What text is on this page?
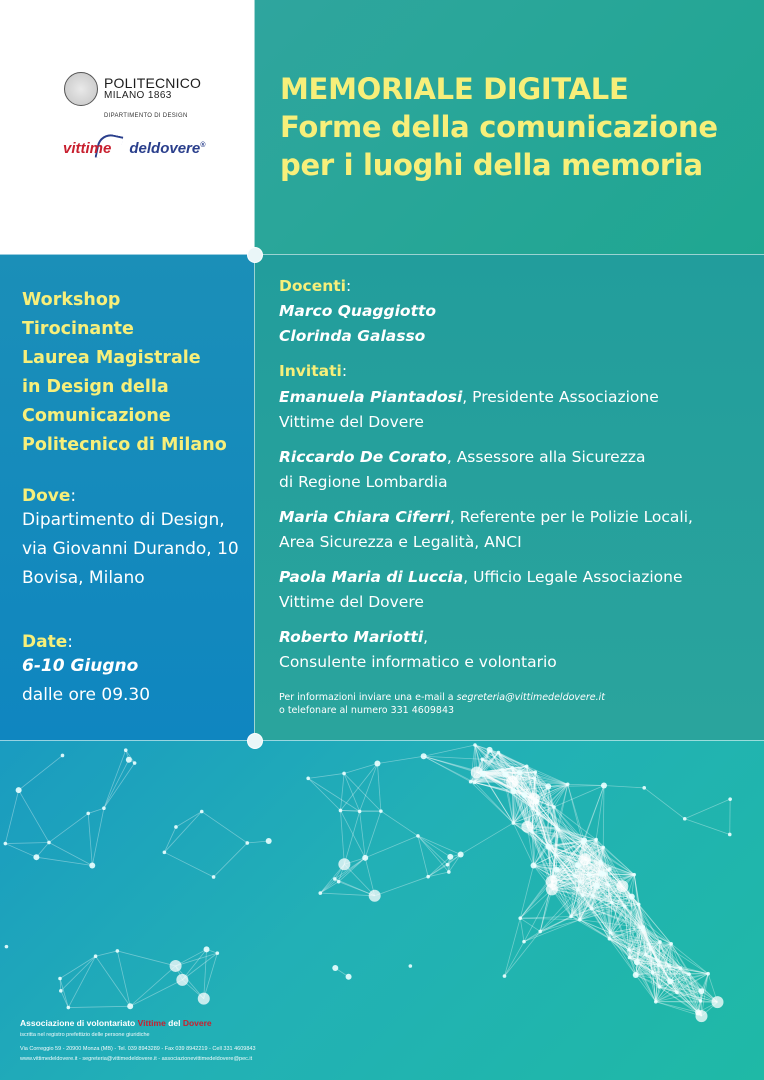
POLITECNICO
MILANO 1863
DIPARTIMENTO DI DESIGN
vittime deldovere®
MEMORIALE DIGITALE
Forme della comunicazione
per i luoghi della memoria
Workshop
Tirocinante
Laurea Magistrale
in Design della
Comunicazione
Politecnico di Milano
Dove:
Dipartimento di Design,
via Giovanni Durando, 10
Bovisa, Milano
Date:
6-10 Giugno
dalle ore 09.30
Docenti:
Marco Quaggiotto
Clorinda Galasso
Invitati:
Emanuela Piantadosi, Presidente Associazione
Vittime del Dovere
Riccardo De Corato, Assessore alla Sicurezza
di Regione Lombardia
Maria Chiara Ciferri, Referente per le Polizie Locali,
Area Sicurezza e Legalità, ANCI
Paola Maria di Luccia, Ufficio Legale Associazione
Vittime del Dovere
Roberto Mariotti,
Consulente informatico e volontario
Per informazioni inviare una e-mail a segreteria@vittimedeldovere.it
o telefonare al numero 331 4609843
Associazione di volontariato Vittime del Dovere
iscritta nel registro prefettizio delle persone giuridiche
Via Correggio 59 - 20900 Monza (MB) - Tel. 039 8943289 - Fax 039 8942219 - Cell 331 4609843
www.vittimedeldovere.it - segreteria@vittimedeldovere.it - associazionevittimedeldovere@pec.it
